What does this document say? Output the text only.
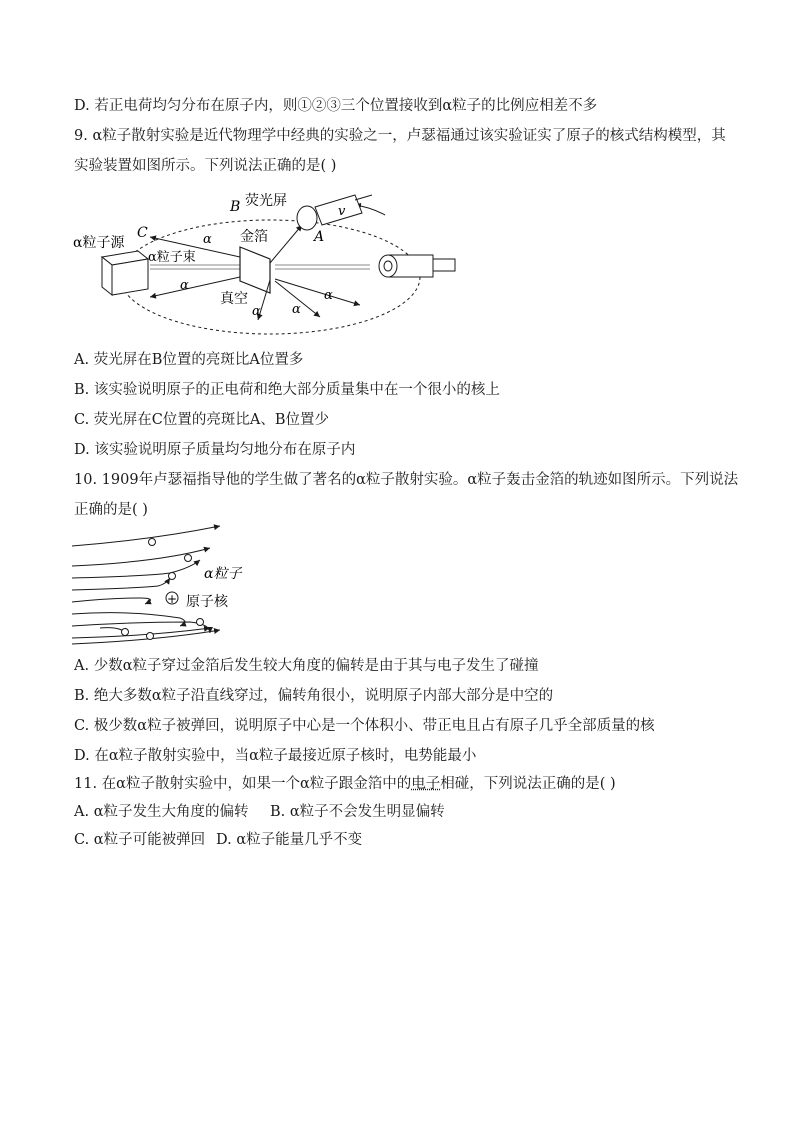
D. 若正电荷均匀分布在原子内，则①②③三个位置接收到α粒子的比例应相差不多
9. α粒子散射实验是近代物理学中经典的实验之一，卢瑟福通过该实验证实了原子的核式结构模型，其
实验装置如图所示。下列说法正确的是( )
B 荧光屏
α粒子源
C
α粒子束
金箔
真空
A
v
α
α
α α
α
A. 荧光屏在B位置的亮斑比A位置多
B. 该实验说明原子的正电荷和绝大部分质量集中在一个很小的核上
C. 荧光屏在C位置的亮斑比A、B位置少
D. 该实验说明原子质量均匀地分布在原子内
10. 1909年卢瑟福指导他的学生做了著名的α粒子散射实验。α粒子轰击金箔的轨迹如图所示。下列说法
正确的是( )
+
α粒子
原子核
A. 少数α粒子穿过金箔后发生较大角度的偏转是由于其与电子发生了碰撞
B. 绝大多数α粒子沿直线穿过，偏转角很小，说明原子内部大部分是中空的
C. 极少数α粒子被弹回，说明原子中心是一个体积小、带正电且占有原子几乎全部质量的核
D. 在α粒子散射实验中，当α粒子最接近原子核时，电势能最小
11. 在α粒子散射实验中，如果一个α粒子跟金箔中的电子相碰，下列说法正确的是( )
A. α粒子发生大角度的偏转 B. α粒子不会发生明显偏转
C. α粒子可能被弹回 D. α粒子能量几乎不变
